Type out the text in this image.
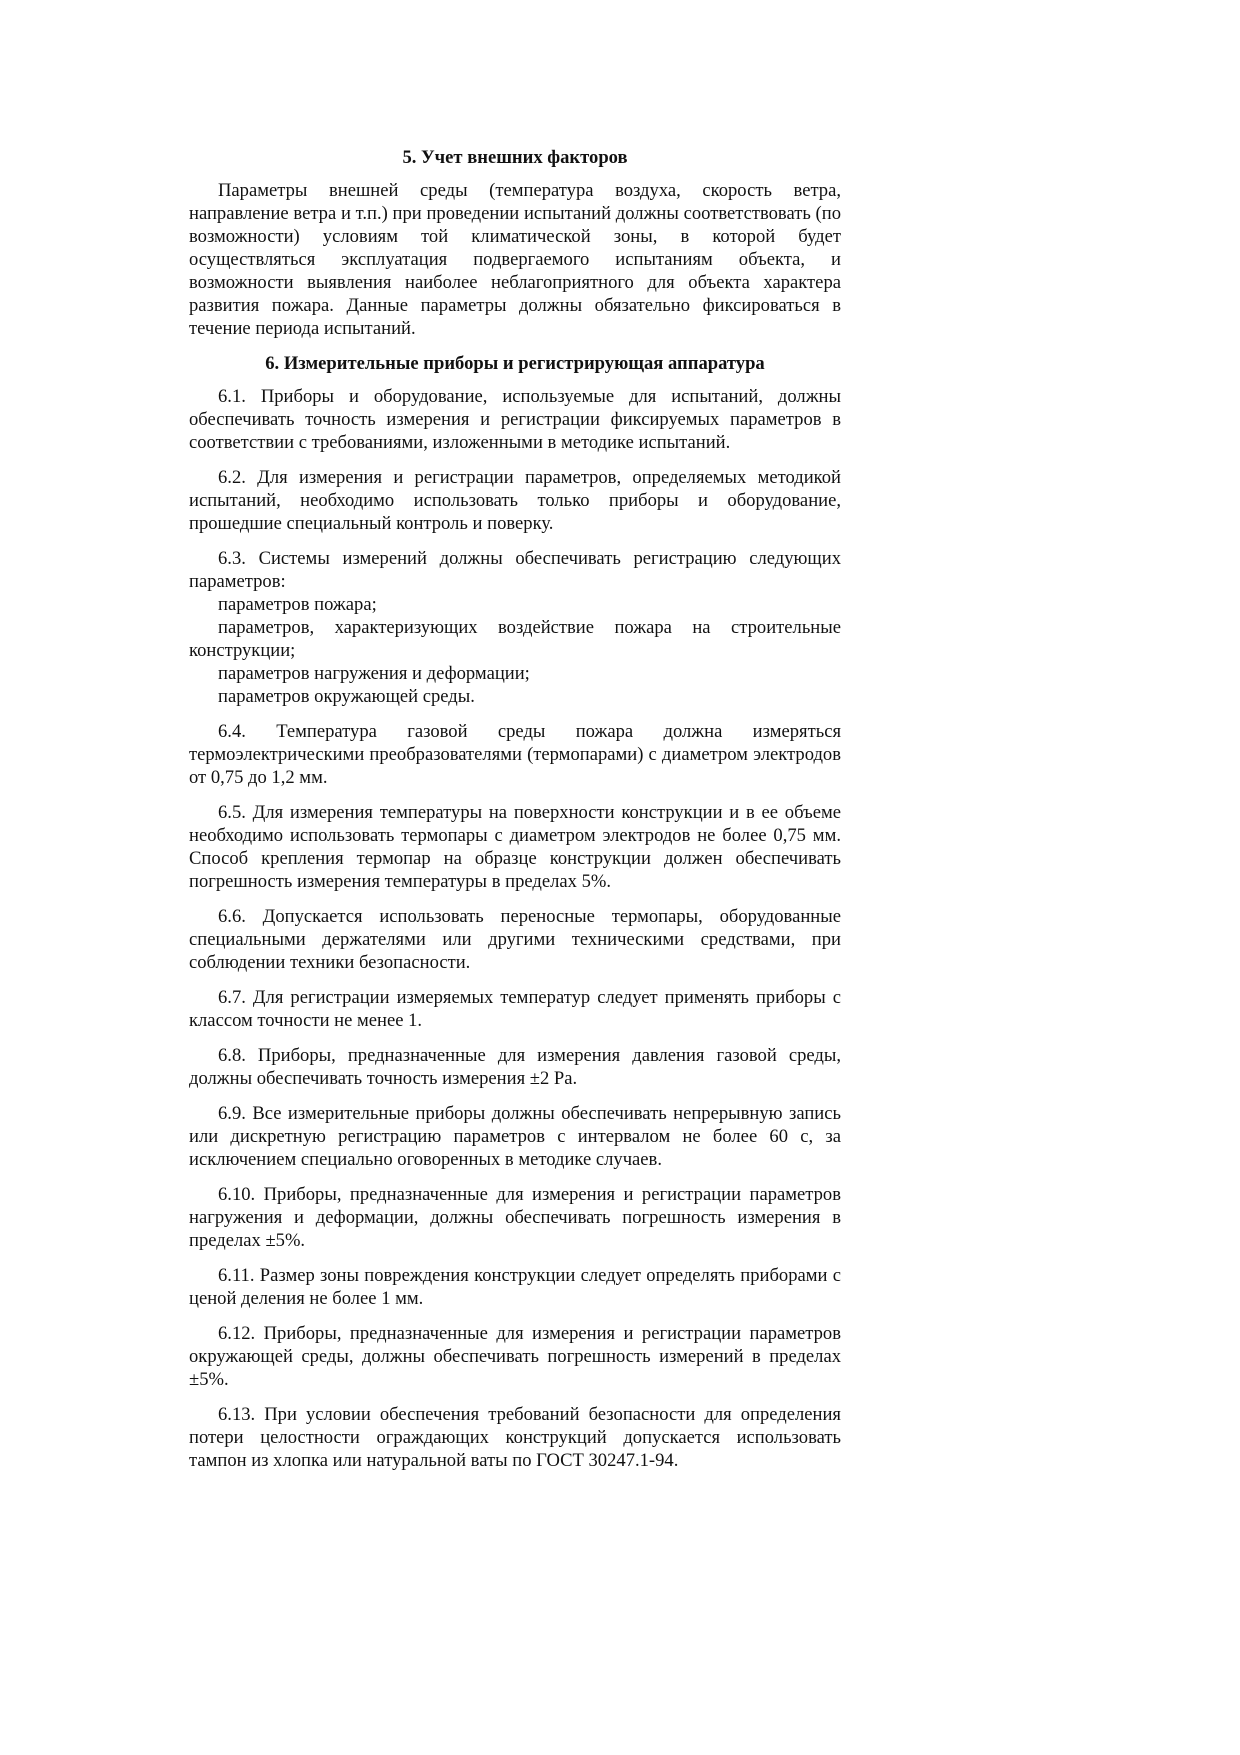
5. Учет внешних факторов

Параметры внешней среды (температура воздуха, скорость ветра, направление ветра и т.п.) при проведении испытаний должны соответствовать (по возможности) условиям той климатической зоны, в которой будет осуществляться эксплуатация подвергаемого испытаниям объекта, и возможности выявления наиболее неблагоприятного для объекта характера развития пожара. Данные параметры должны обязательно фиксироваться в течение периода испытаний.

6. Измерительные приборы и регистрирующая аппаратура

6.1. Приборы и оборудование, используемые для испытаний, должны обеспечивать точность измерения и регистрации фиксируемых параметров в соответствии с требованиями, изложенными в методике испытаний.

6.2. Для измерения и регистрации параметров, определяемых методикой испытаний, необходимо использовать только приборы и оборудование, прошедшие специальный контроль и поверку.

6.3. Системы измерений должны обеспечивать регистрацию следующих параметров:

параметров пожара;

параметров, характеризующих воздействие пожара на строительные конструкции;

параметров нагружения и деформации;

параметров окружающей среды.

6.4. Температура газовой среды пожара должна измеряться термоэлектрическими преобразователями (термопарами) с диаметром электродов от 0,75 до 1,2 мм.

6.5. Для измерения температуры на поверхности конструкции и в ее объеме необходимо использовать термопары с диаметром электродов не более 0,75 мм. Способ крепления термопар на образце конструкции должен обеспечивать погрешность измерения температуры в пределах 5%.

6.6. Допускается использовать переносные термопары, оборудованные специальными держателями или другими техническими средствами, при соблюдении техники безопасности.

6.7. Для регистрации измеряемых температур следует применять приборы с классом точности не менее 1.

6.8. Приборы, предназначенные для измерения давления газовой среды, должны обеспечивать точность измерения ±2 Pa.

6.9. Все измерительные приборы должны обеспечивать непрерывную запись или дискретную регистрацию параметров с интервалом не более 60 с, за исключением специально оговоренных в методике случаев.

6.10. Приборы, предназначенные для измерения и регистрации параметров нагружения и деформации, должны обеспечивать погрешность измерения в пределах ±5%.

6.11. Размер зоны повреждения конструкции следует определять приборами с ценой деления не более 1 мм.

6.12. Приборы, предназначенные для измерения и регистрации параметров окружающей среды, должны обеспечивать погрешность измерений в пределах ±5%.

6.13. При условии обеспечения требований безопасности для определения потери целостности ограждающих конструкций допускается использовать тампон из хлопка или натуральной ваты по ГОСТ 30247.1-94.
